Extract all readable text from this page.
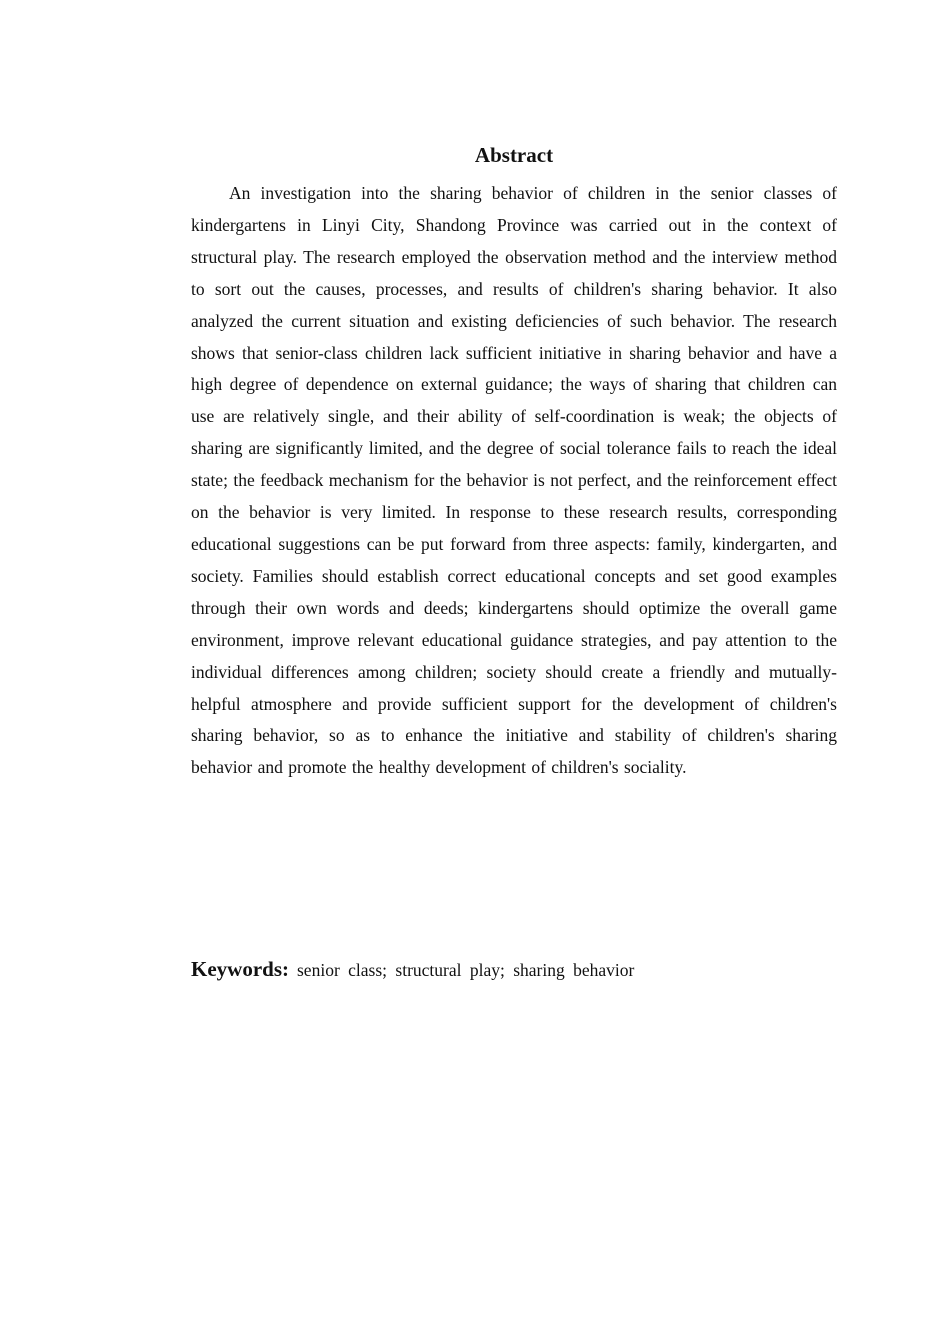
Abstract

An investigation into the sharing behavior of children in the senior classes of kindergartens in Linyi City, Shandong Province was carried out in the context of structural play. The research employed the observation method and the interview method to sort out the causes, processes, and results of children's sharing behavior. It also analyzed the current situation and existing deficiencies of such behavior. The research shows that senior-class children lack sufficient initiative in sharing behavior and have a high degree of dependence on external guidance; the ways of sharing that children can use are relatively single, and their ability of self-coordination is weak; the objects of sharing are significantly limited, and the degree of social tolerance fails to reach the ideal state; the feedback mechanism for the behavior is not perfect, and the reinforcement effect on the behavior is very limited. In response to these research results, corresponding educational suggestions can be put forward from three aspects: family, kindergarten, and society. Families should establish correct educational concepts and set good examples through their own words and deeds; kindergartens should optimize the overall game environment, improve relevant educational guidance strategies, and pay attention to the individual differences among children; society should create a friendly and mutually-helpful atmosphere and provide sufficient support for the development of children's sharing behavior, so as to enhance the initiative and stability of children's sharing behavior and promote the healthy development of children's sociality.

Keywords: senior class; structural play; sharing behavior
